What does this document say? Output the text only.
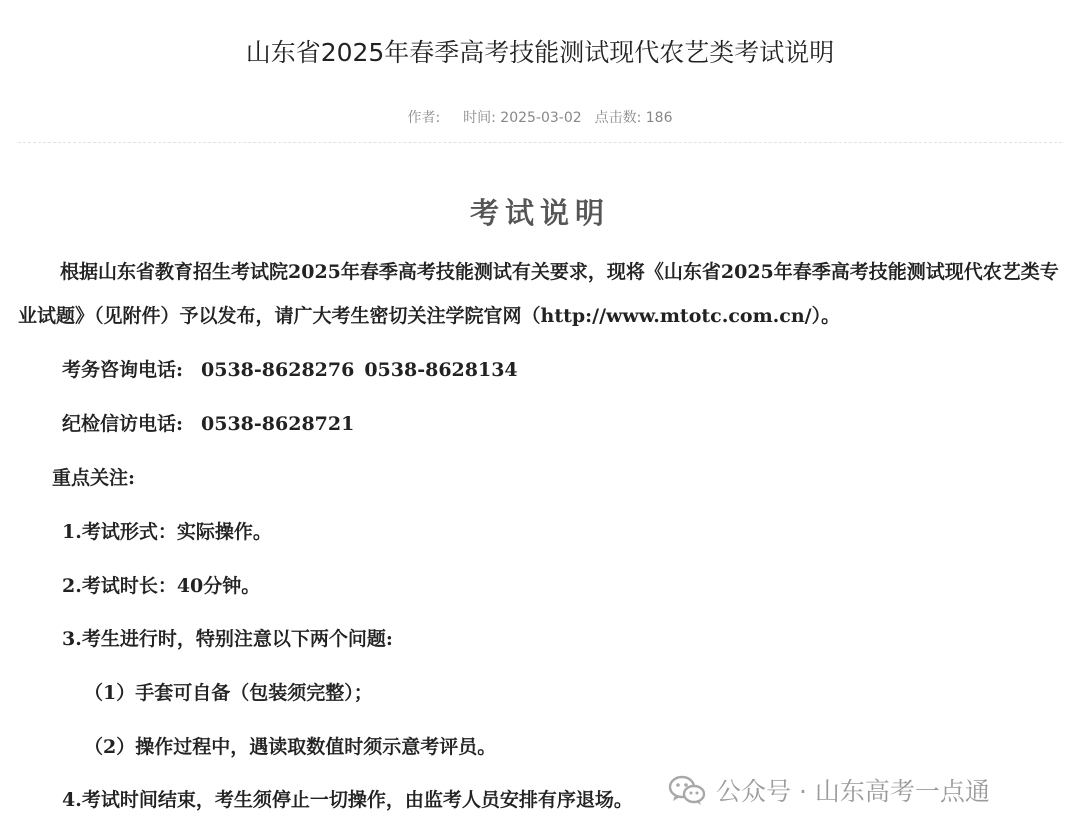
山东省2025年春季高考技能测试现代农艺类考试说明
作者: 时间: 2025-03-02 点击数: 186
考试说明
根据山东省教育招生考试院2025年春季高考技能测试有关要求，现将《山东省2025年春季高考技能测试现代农艺类专业试题》（见附件）予以发布，请广大考生密切关注学院官网（http://www.mtotc.com.cn/）。
考务咨询电话: 0538-8628276 0538-8628134
纪检信访电话: 0538-8628721
重点关注:
1.考试形式：实际操作。
2.考试时长：40分钟。
3.考生进行时，特别注意以下两个问题:
（1）手套可自备（包装须完整）；
（2）操作过程中，遇读取数值时须示意考评员。
4.考试时间结束，考生须停止一切操作，由监考人员安排有序退场。	公众号 · 山东高考一点通
